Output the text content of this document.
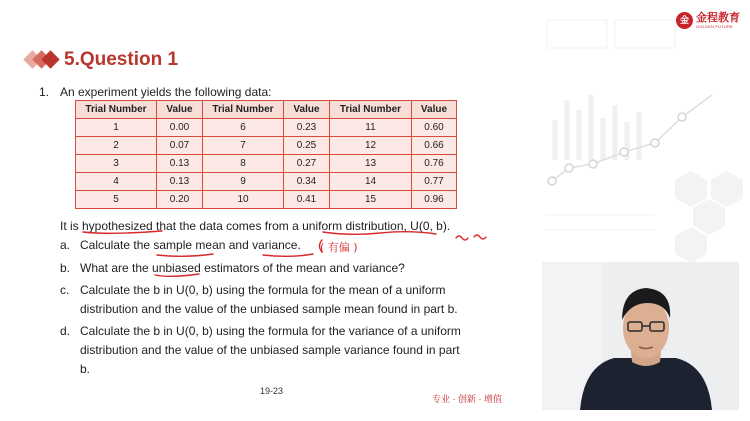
金 金程教育
GOLDEN FUTURE
5.Question 1
1. An experiment yields the following data:
Trial Number	Value	Trial Number	Value	Trial Number	Value
1	0.00	6	0.23	11	0.60
2	0.07	7	0.25	12	0.66
3	0.13	8	0.27	13	0.76
4	0.13	9	0.34	14	0.77
5	0.20	10	0.41	15	0.96
It is hypothesized that the data comes from a uniform distribution, U(0, b).
a. Calculate the sample mean and variance.
b. What are the unbiased estimators of the mean and variance?
c. Calculate the b in U(0, b) using the formula for the mean of a uniform
distribution and the value of the unbiased sample mean found in part b.
d. Calculate the b in U(0, b) using the formula for the variance of a uniform
distribution and the value of the unbiased sample variance found in part
b.
19-23
专业 · 创新 · 增值
( 有偏 )
